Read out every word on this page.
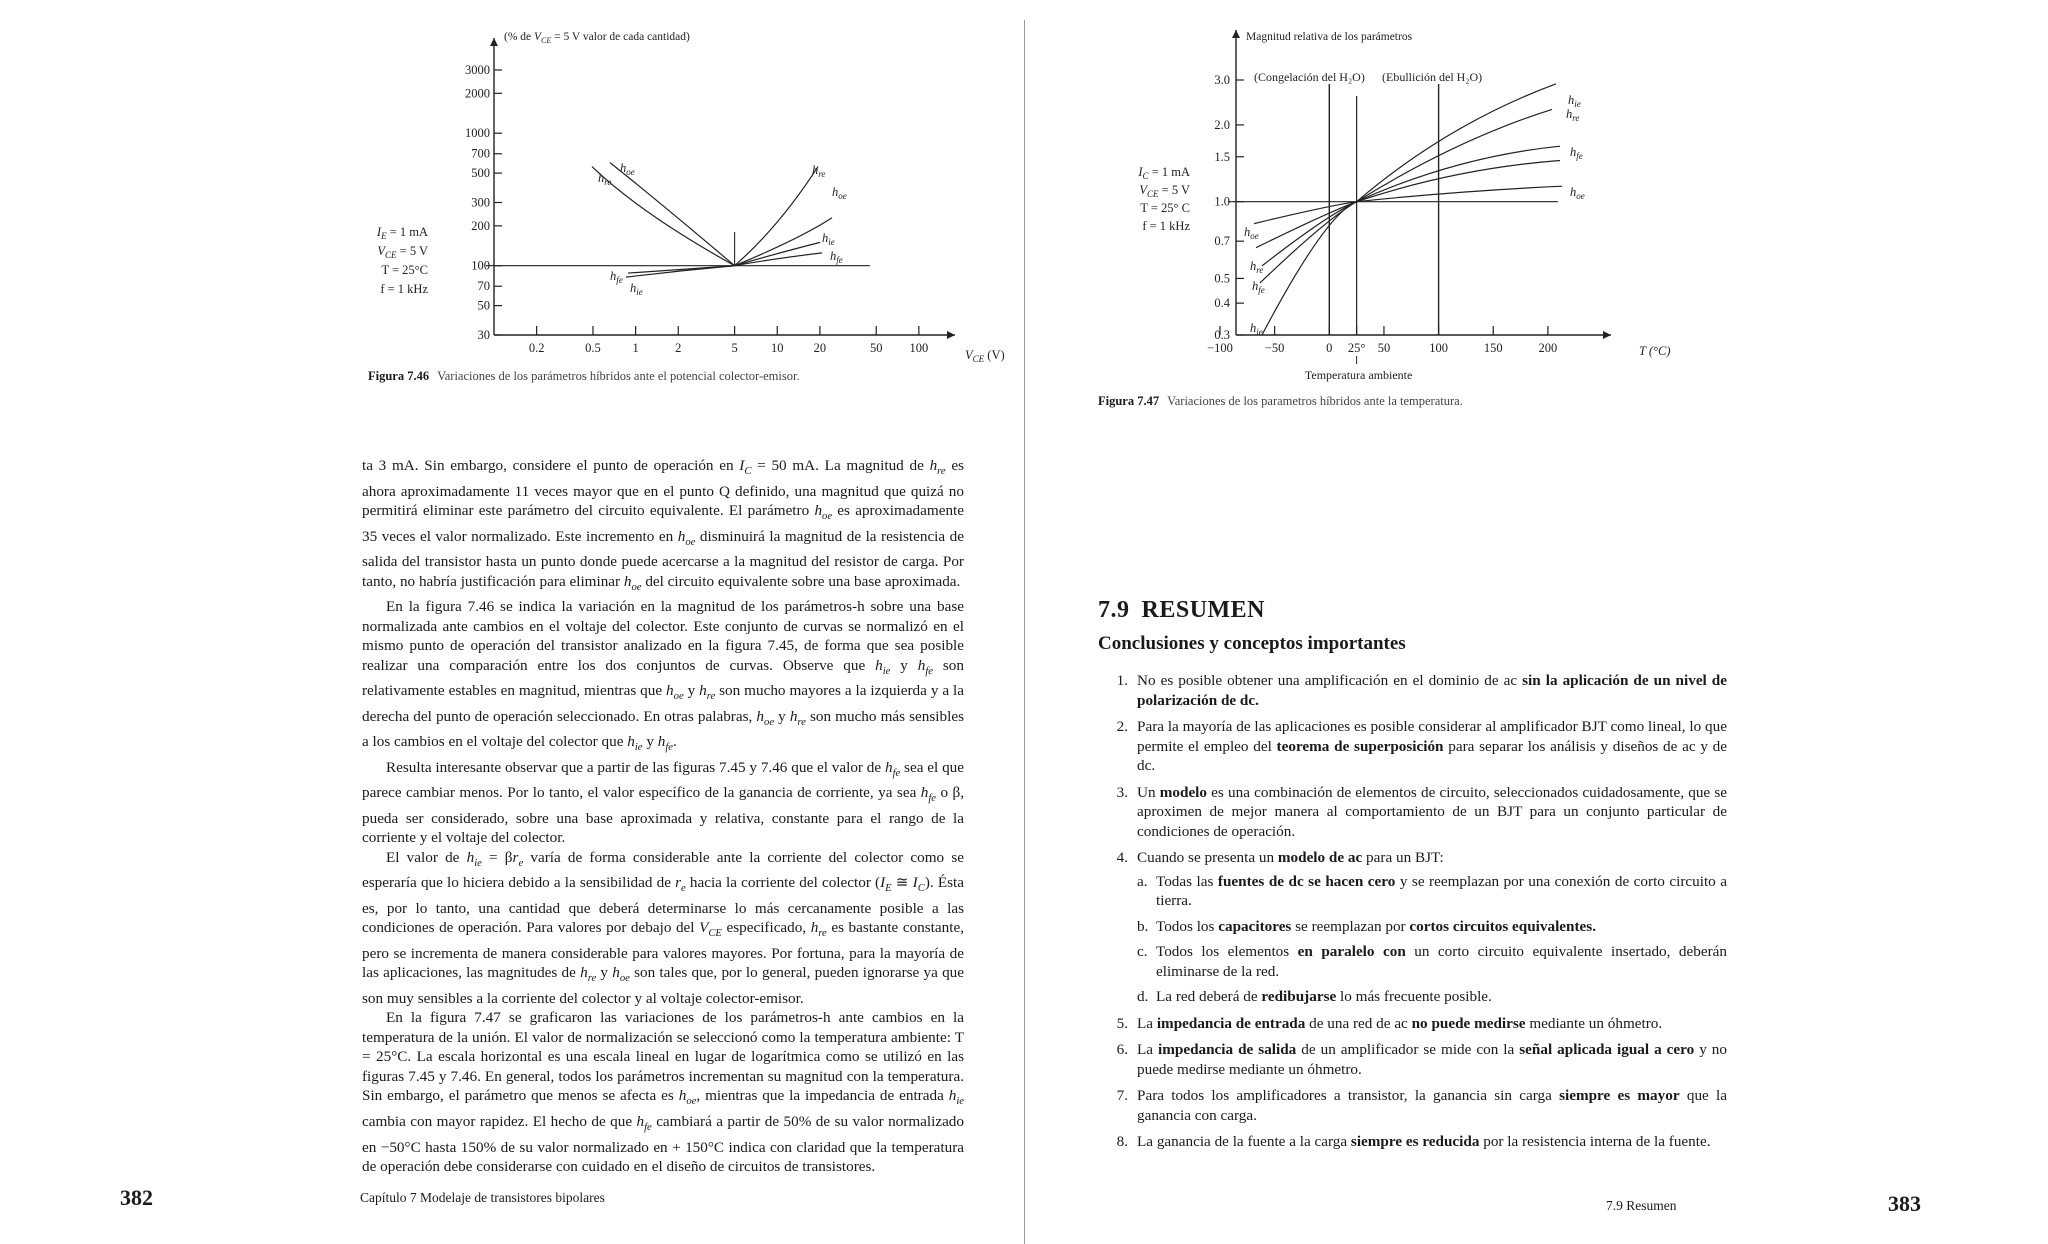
(% de $V_{CE} = 5$ V valor de cada cantidad)
3000
2000
1000
700
500
300
200
100
70
50
30
0.2	0.5	1	2	5	10 20	50 100	$V_{CE}$ (V)
$I_E = 1$ mA
$V_{CE} = 5$ V
T = 25°C
f = 1 kHz
$h_{oe}$
$h_{re}$
$h_{re}$
$h_{oe}$
$h_{ie}$
$h_{fe}$
$h_{fe}$
$h_{ie}$
Figura 7.46 Variaciones de los parámetros híbridos ante el potencial colector-emisor.

ta 3 mA. Sin embargo, considere el punto de operación en $I_C = 50$ mA. La magnitud de $h_{re}$ es ahora aproximadamente 11 veces mayor que en el punto Q definido, una magnitud que quizá no permitirá eliminar este parámetro del circuito equivalente. El parámetro $h_{oe}$ es aproximadamente 35 veces el valor normalizado. Este incremento en $h_{oe}$ disminuirá la magnitud de la resistencia de salida del transistor hasta un punto donde puede acercarse a la magnitud del resistor de carga. Por tanto, no habría justificación para eliminar $h_{oe}$ del circuito equivalente sobre una base aproximada.

En la figura 7.46 se indica la variación en la magnitud de los parámetros-h sobre una base normalizada ante cambios en el voltaje del colector. Este conjunto de curvas se normalizó en el mismo punto de operación del transistor analizado en la figura 7.45, de forma que sea posible realizar una comparación entre los dos conjuntos de curvas. Observe que $h_{ie}$ y $h_{fe}$ son relativamente estables en magnitud, mientras que $h_{oe}$ y $h_{re}$ son mucho mayores a la izquierda y a la derecha del punto de operación seleccionado. En otras palabras, $h_{oe}$ y $h_{re}$ son mucho más sensibles a los cambios en el voltaje del colector que $h_{ie}$ y $h_{fe}$.

Resulta interesante observar que a partir de las figuras 7.45 y 7.46 que el valor de $h_{fe}$ sea el que parece cambiar menos. Por lo tanto, el valor específico de la ganancia de corriente, ya sea $h_{fe}$ o β, pueda ser considerado, sobre una base aproximada y relativa, constante para el rango de la corriente y el voltaje del colector.

El valor de $h_{ie} = \beta r_e$ varía de forma considerable ante la corriente del colector como se esperaría que lo hiciera debido a la sensibilidad de $r_e$ hacia la corriente del colector ($I_E$ ≅ $I_C$). Ésta es, por lo tanto, una cantidad que deberá determinarse lo más cercanamente posible a las condiciones de operación. Para valores por debajo del $V_{CE}$ especificado, $h_{re}$ es bastante constante, pero se incrementa de manera considerable para valores mayores. Por fortuna, para la mayoría de las aplicaciones, las magnitudes de $h_{re}$ y $h_{oe}$ son tales que, por lo general, pueden ignorarse ya que son muy sensibles a la corriente del colector y al voltaje colector-emisor.

En la figura 7.47 se graficaron las variaciones de los parámetros-h ante cambios en la temperatura de la unión. El valor de normalización se seleccionó como la temperatura ambiente: T = 25°C. La escala horizontal es una escala lineal en lugar de logarítmica como se utilizó en las figuras 7.45 y 7.46. En general, todos los parámetros incrementan su magnitud con la temperatura. Sin embargo, el parámetro que menos se afecta es $h_{oe}$, mientras que la impedancia de entrada $h_{ie}$ cambia con mayor rapidez. El hecho de que $h_{fe}$ cambiará a partir de 50% de su valor normalizado en −50°C hasta 150% de su valor normalizado en + 150°C indica con claridad que la temperatura de operación debe considerarse con cuidado en el diseño de circuitos de transistores.

382	Capítulo 7 Modelaje de transistores bipolares
Magnitud relativa de los parámetros
3.0
2.0
1.5
1.0
0.7
0.5
0.4
0.3
−100	−50	0 25° 50	100	150	200	T (°C)
Temperatura ambiente
(Congelación del H₂O) (Ebullición del H₂O)
$I_C = 1$ mA
$V_{CE} = 5$ V
T = 25° C
f = 1 kHz
$h_{ie}$
$h_{re}$
$h_{fe}$
$h_{oe}$
$h_{oe}$
$h_{re}$
$h_{fe}$
$h_{ie}$
Figura 7.47 Variaciones de los parametros híbridos ante la temperatura.
7.9 RESUMEN
Conclusiones y conceptos importantes
1. No es posible obtener una amplificación en el dominio de ac sin la aplicación de un nivel de polarización de dc.
2. Para la mayoría de las aplicaciones es posible considerar al amplificador BJT como lineal, lo que permite el empleo del teorema de superposición para separar los análisis y diseños de ac y de dc.
3. Un modelo es una combinación de elementos de circuito, seleccionados cuidadosamente, que se aproximen de mejor manera al comportamiento de un BJT para un conjunto particular de condiciones de operación.
4. Cuando se presenta un modelo de ac para un BJT:
a. Todas las fuentes de dc se hacen cero y se reemplazan por una conexión de corto circuito a tierra.
b. Todos los capacitores se reemplazan por cortos circuitos equivalentes.
c. Todos los elementos en paralelo con un corto circuito equivalente insertado, deberán eliminarse de la red.
d. La red deberá de redibujarse lo más frecuente posible.
5. La impedancia de entrada de una red de ac no puede medirse mediante un óhmetro.
6. La impedancia de salida de un amplificador se mide con la señal aplicada igual a cero y no puede medirse mediante un óhmetro.
7. Para todos los amplificadores a transistor, la ganancia sin carga siempre es mayor que la ganancia con carga.
8. La ganancia de la fuente a la carga siempre es reducida por la resistencia interna de la fuente.
7.9 Resumen	383
